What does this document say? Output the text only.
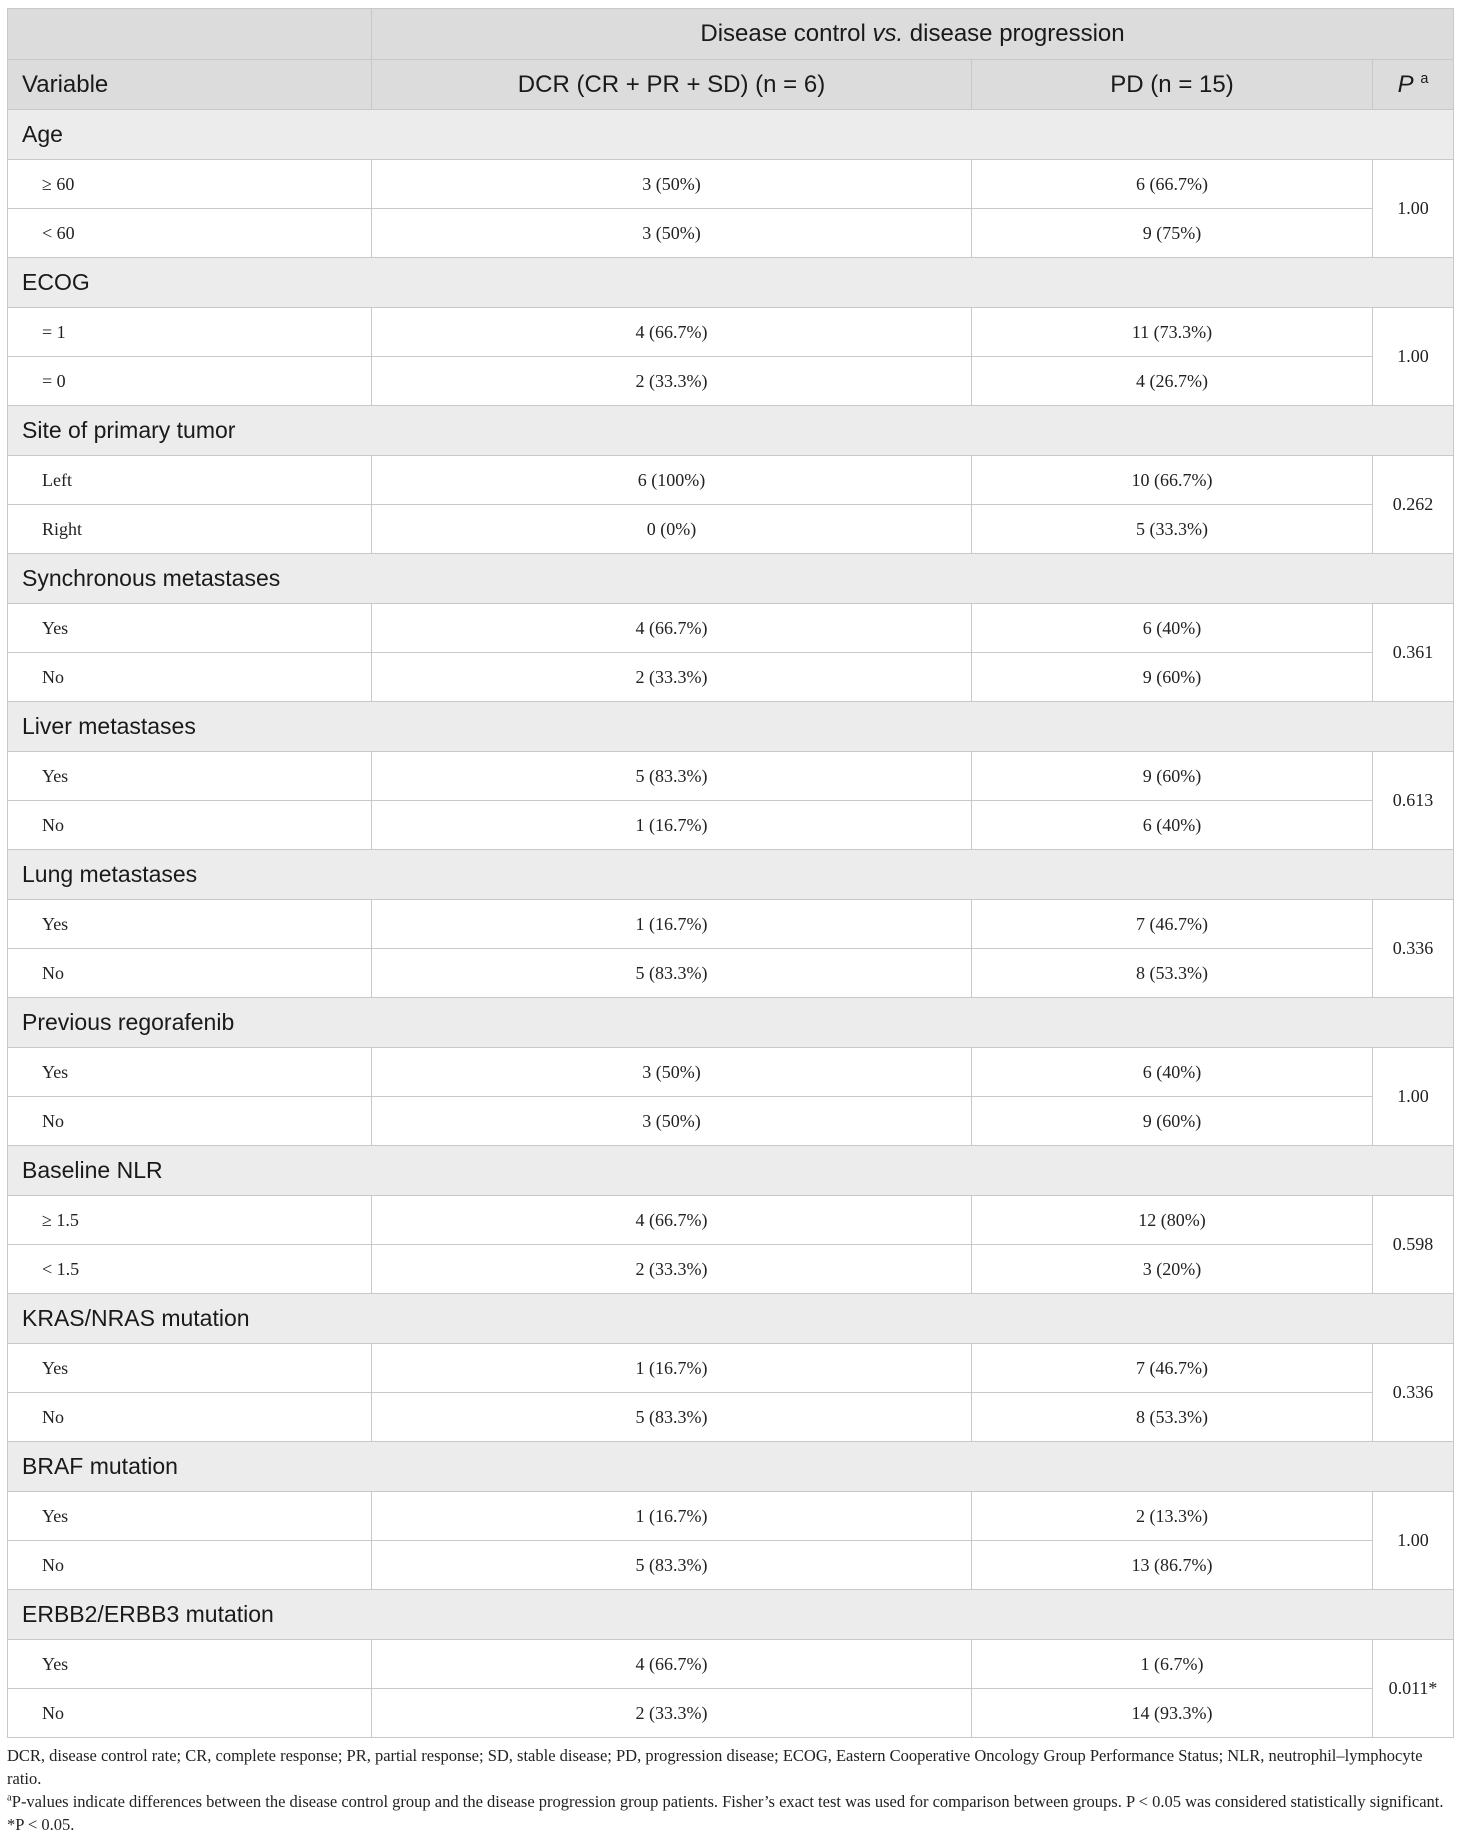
	Disease control vs. disease progression		
Variable	DCR (CR + PR + SD) (n = 6)	PD (n = 15)	P $^a$
Age			
≥ 60	3 (50%)	6 (66.7%)	1.00
< 60	3 (50%)	9 (75%)	
ECOG			
= 1	4 (66.7%)	11 (73.3%)	1.00
= 0	2 (33.3%)	4 (26.7%)	
Site of primary tumor			
Left	6 (100%)	10 (66.7%)	0.262
Right	0 (0%)	5 (33.3%)	
Synchronous metastases			
Yes	4 (66.7%)	6 (40%)	0.361
No	2 (33.3%)	9 (60%)	
Liver metastases			
Yes	5 (83.3%)	9 (60%)	0.613
No	1 (16.7%)	6 (40%)	
Lung metastases			
Yes	1 (16.7%)	7 (46.7%)	0.336
No	5 (83.3%)	8 (53.3%)	
Previous regorafenib			
Yes	3 (50%)	6 (40%)	1.00
No	3 (50%)	9 (60%)	
Baseline NLR			
≥ 1.5	4 (66.7%)	12 (80%)	0.598
< 1.5	2 (33.3%)	3 (20%)	
KRAS/NRAS mutation			
Yes	1 (16.7%)	7 (46.7%)	0.336
No	5 (83.3%)	8 (53.3%)	
BRAF mutation			
Yes	1 (16.7%)	2 (13.3%)	1.00
No	5 (83.3%)	13 (86.7%)	
ERBB2/ERBB3 mutation			
Yes	4 (66.7%)	1 (6.7%)	0.011*
No	2 (33.3%)	14 (93.3%)	

DCR, disease control rate; CR, complete response; PR, partial response; SD, stable disease; PD, progression disease; ECOG, Eastern Cooperative Oncology Group Performance Status; NLR, neutrophil–lymphocyte ratio.

$^a$P-values indicate differences between the disease control group and the disease progression group patients. Fisher’s exact test was used for comparison between groups. P < 0.05 was considered statistically significant. *P < 0.05.
